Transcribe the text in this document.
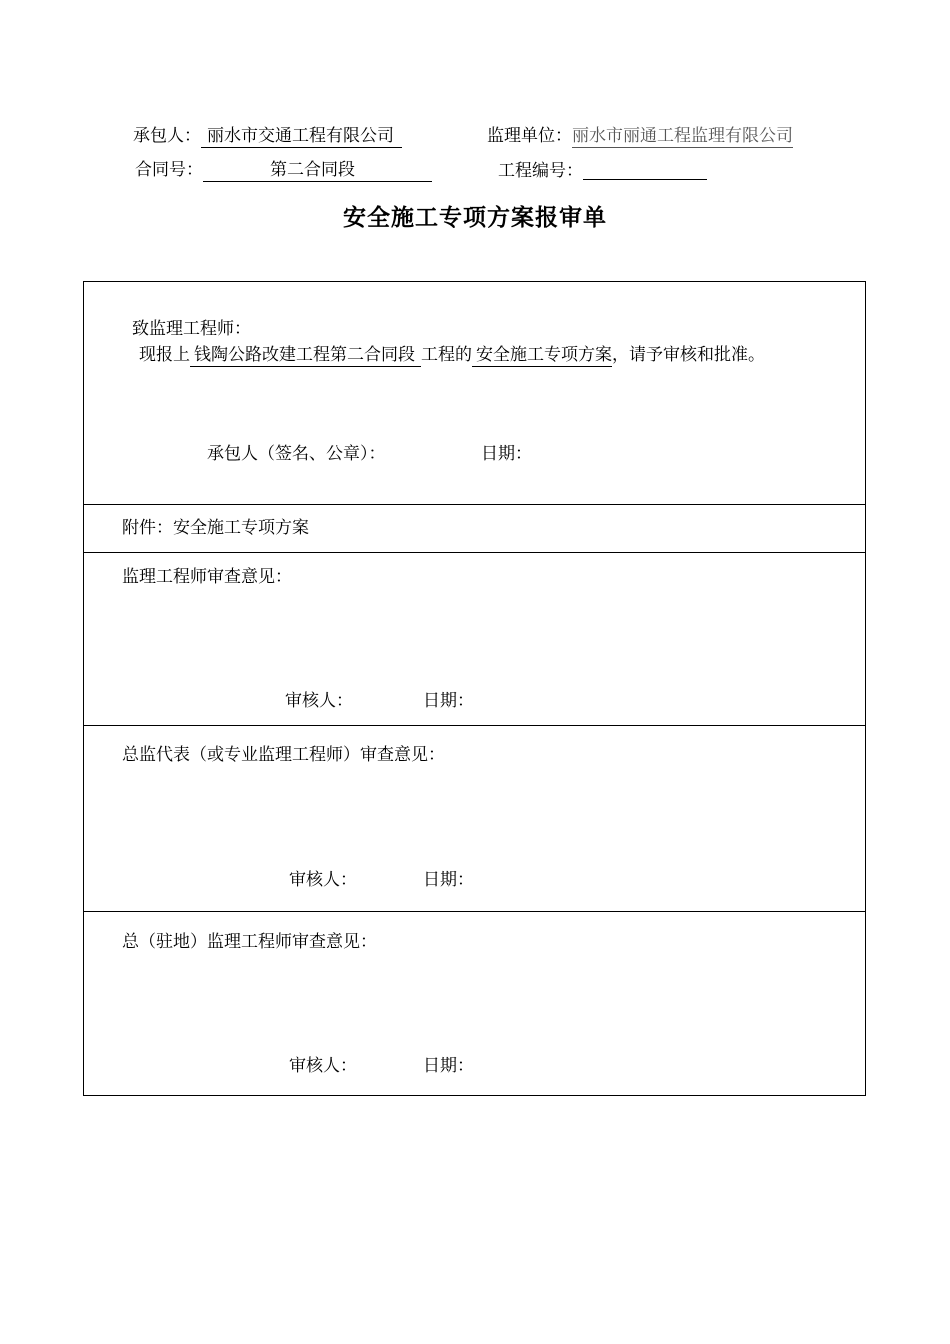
承包人： 丽水市交通工程有限公司	监理单位：丽水市丽通工程监理有限公司
合同号：	第二合同段	工程编号：
安全施工专项方案报审单
致监理工程师：
现报上 钱陶公路改建工程第二合同段 工程的 安全施工专项方案，请予审核和批准。
承包人（签名、公章）：	日期：
附件：安全施工专项方案
监理工程师审查意见：
审核人：	日期：
总监代表（或专业监理工程师）审查意见：
审核人：	日期：
总（驻地）监理工程师审查意见：
审核人：	日期：
